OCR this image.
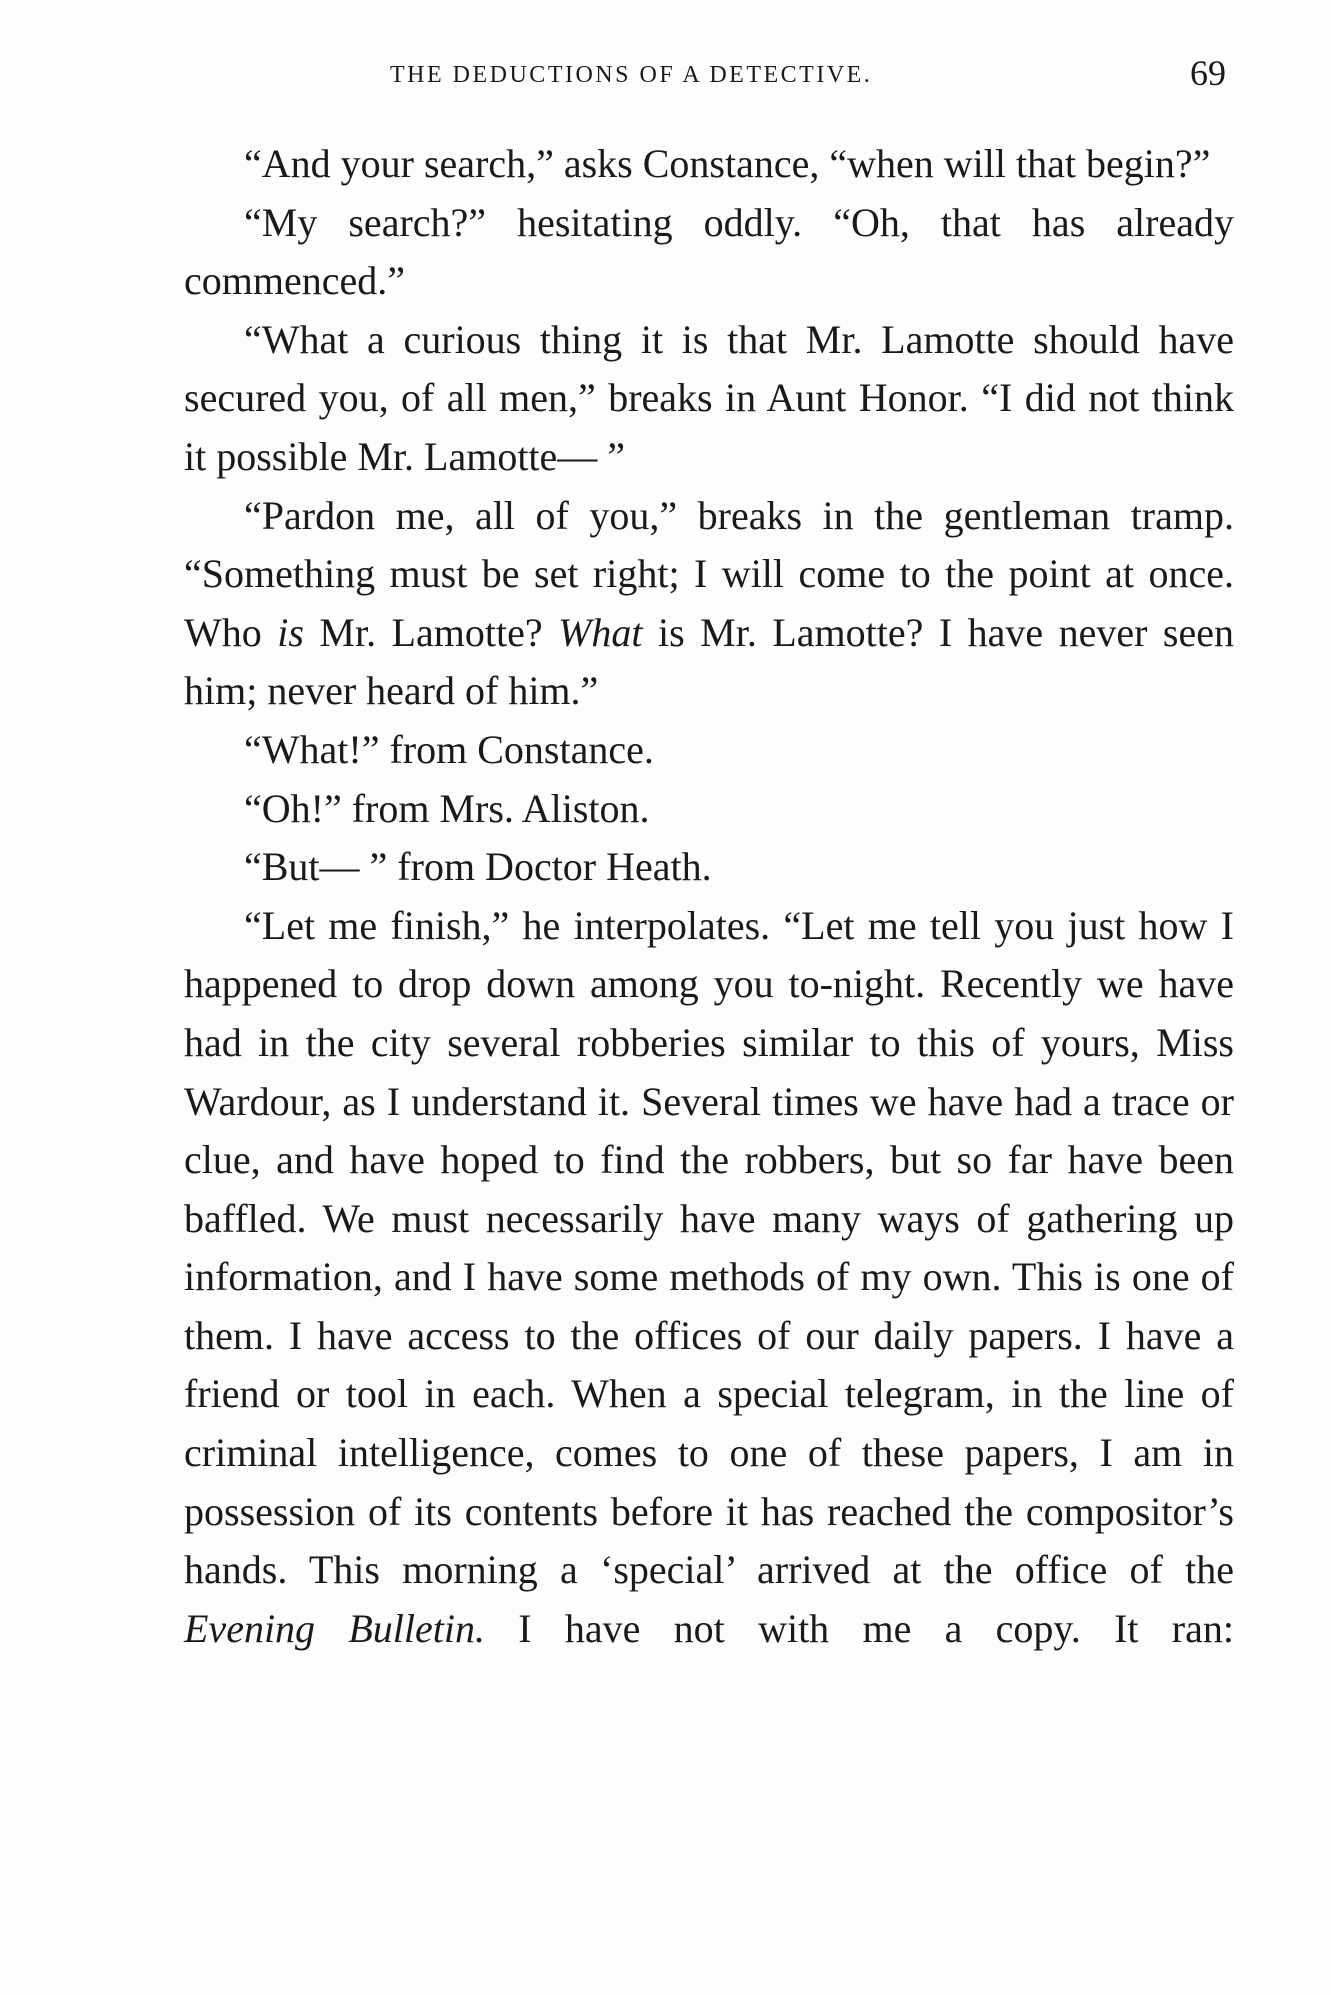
THE DEDUCTIONS OF A DETECTIVE.	69

“And your search,” asks Constance, “when will that begin?”

“My search?” hesitating oddly. “Oh, that has already commenced.”

“What a curious thing it is that Mr. Lamotte should have secured you, of all men,” breaks in Aunt Honor. “I did not think it possible Mr. Lamotte— ”

“Pardon me, all of you,” breaks in the gentleman tramp. “Something must be set right; I will come to the point at once. Who is Mr. Lamotte? What is Mr. Lamotte? I have never seen him; never heard of him.”

“What!” from Constance.

“Oh!” from Mrs. Aliston.

“But— ” from Doctor Heath.

“Let me finish,” he interpolates. “Let me tell you just how I happened to drop down among you to-night. Recently we have had in the city several robberies similar to this of yours, Miss Wardour, as I understand it. Several times we have had a trace or clue, and have hoped to find the robbers, but so far have been baffled. We must necessarily have many ways of gathering up information, and I have some methods of my own. This is one of them. I have access to the offices of our daily papers. I have a friend or tool in each. When a special telegram, in the line of criminal intelligence, comes to one of these papers, I am in possession of its contents before it has reached the compositor’s hands. This morning a ‘special’ arrived at the office of the Evening Bulletin. I have not with me a copy. It ran:
